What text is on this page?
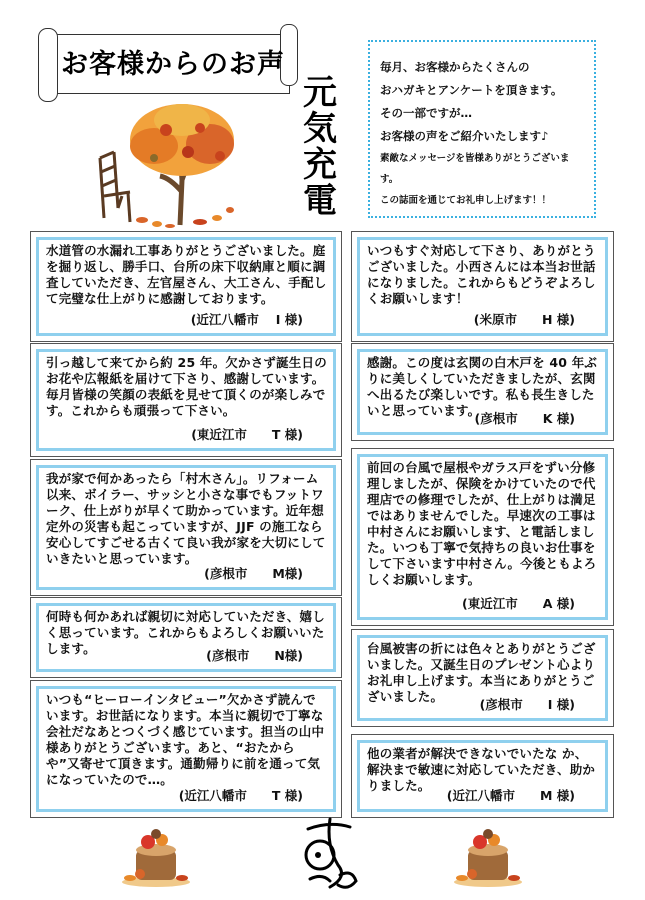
お客様からのお声
元
気
充
電

毎月、お客様からたくさんの

おハガキとアンケートを頂きます。

その一部ですが…

お客様の声をご紹介いたします♪

素敵なメッセージを皆様ありがとうございます。

この誌面を通じてお礼申し上げます！！

水道管の水漏れ工事ありがとうございました。庭を掘り返し、勝手口、台所の床下収納庫と順に調査していただき、左官屋さん、大工さん、手配して完璧な仕上がりに感謝しております。

(近江八幡市　 I 様)

引っ越して来てから約 25 年。欠かさず誕生日のお花や広報紙を届けて下さり、感謝しています。毎月皆様の笑顔の表紙を見せて頂くのが楽しみです。これからも頑張って下さい。

(東近江市　　T 様)

我が家で何かあったら「村木さん」。リフォーム以来、ボイラー、サッシと小さな事でもフットワーク、仕上がりが早くて助かっています。近年想定外の災害も起こっていますが、JJF の施工なら安心してすごせる古くて良い我が家を大切にしていきたいと思っています。

(彦根市　　M様)

何時も何かあれば親切に対応していただき、嬉しく思っています。これからもよろしくお願いいたします。	(彦根市　　N様)

いつも“ヒーローインタビュー”欠かさず読んでいます。お世話になります。本当に親切で丁寧な会社だなあとつくづく感じています。担当の山中様ありがとうございます。あと、“おたからや”又寄せて頂きます。通勤帰りに前を通って気になっていたので…。

(近江八幡市　　T 様)

いつもすぐ対応して下さり、ありがとうございました。小西さんには本当お世話になりました。これからもどうぞよろしくお願いします！

(米原市　　H 様)

感謝。この度は玄関の白木戸を 40 年ぶりに美しくしていただきましたが、玄関へ出るたび楽しいです。私も長生きしたいと思っています。

(彦根市　　K 様)

前回の台風で屋根やガラス戸をずい分修理しましたが、保険をかけていたので代理店での修理でしたが、仕上がりは満足ではありませんでした。早速次の工事は中村さんにお願いします、と電話しました。いつも丁寧で気持ちの良いお仕事をして下さいます中村さん。今後ともよろしくお願いします。

(東近江市　　A 様)

台風被害の折には色々とありがとうございました。又誕生日のプレゼント心よりお礼申し上げます。本当にありがとうございました。

(彦根市　　I 様)

他の業者が解決できないでいたな か、解決まで敏速に対応していただき、助かりました。

(近江八幡市　　M 様)
